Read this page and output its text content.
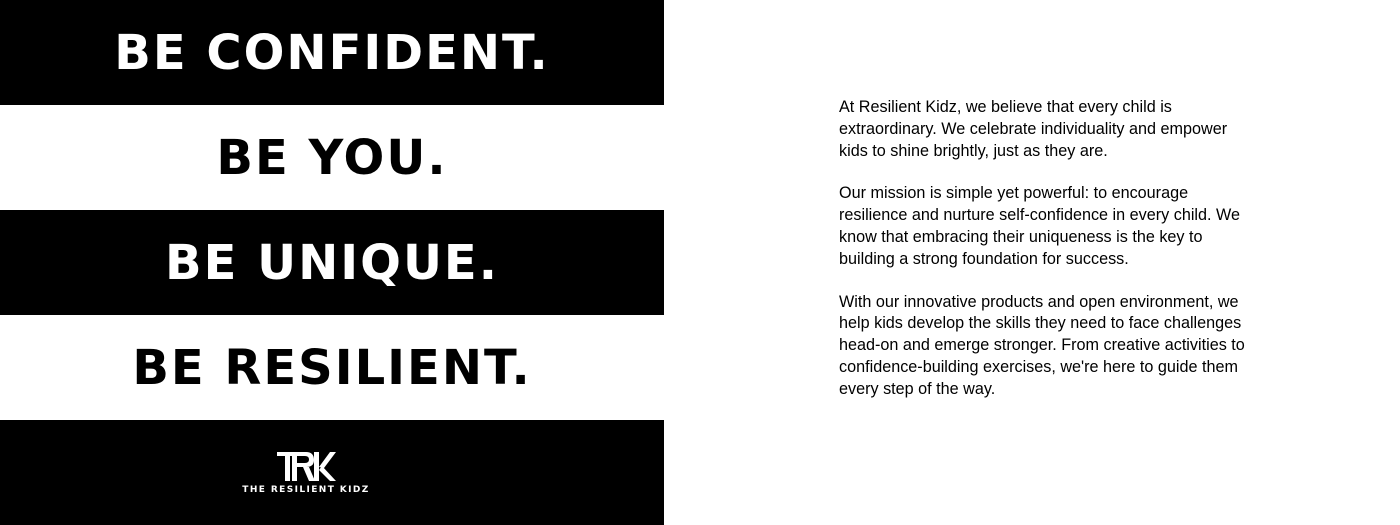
BE CONFIDENT.
BE YOU.
BE UNIQUE.
BE RESILIENT.
THE RESILIENT KIDZ

At Resilient Kidz, we believe that every child is extraordinary. We celebrate individuality and empower kids to shine brightly, just as they are.

Our mission is simple yet powerful: to encourage resilience and nurture self-confidence in every child. We know that embracing their uniqueness is the key to building a strong foundation for success.

With our innovative products and open environment, we help kids develop the skills they need to face challenges head-on and emerge stronger. From creative activities to confidence-building exercises, we're here to guide them every step of the way.
